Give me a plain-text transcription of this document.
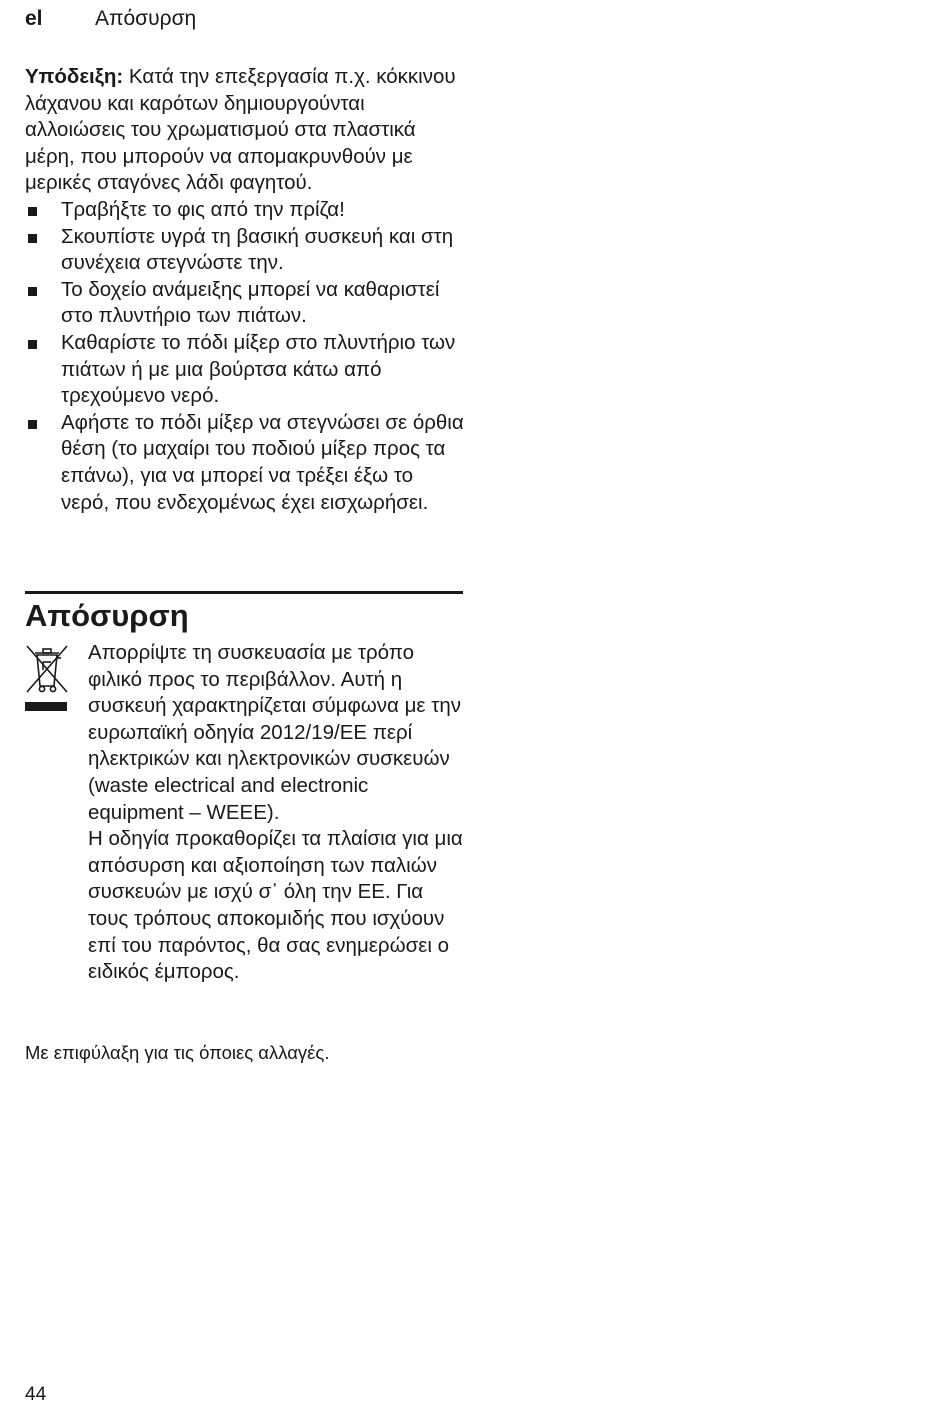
el Απόσυρση

Υπόδειξη: Κατά την επεξεργασία π.χ. κόκκινου λάχανου και καρότων δημιουργούνται αλλοιώσεις του χρωματισμού στα πλαστικά μέρη, που μπορούν να απομακρυνθούν με μερικές σταγόνες λάδι φαγητού.

Τραβήξτε το φις από την πρίζα!
Σκουπίστε υγρά τη βασική συσκευή και στη συνέχεια στεγνώστε την.
Το δοχείο ανάμειξης μπορεί να καθαριστεί στο πλυντήριο των πιάτων.
Καθαρίστε το πόδι μίξερ στο πλυντήριο των πιάτων ή με μια βούρτσα κάτω από τρεχούμενο νερό.
Αφήστε το πόδι μίξερ να στεγνώσει σε όρθια θέση (το μαχαίρι του ποδιού μίξερ προς τα επάνω), για να μπορεί να τρέξει έξω το νερό, που ενδεχομένως έχει εισχωρήσει.
Απόσυρση

Απορρίψτε τη συσκευασία με τρόπο φιλικό προς το περιβάλλον. Αυτή η συσκευή χαρακτηρίζεται σύμφωνα με την ευρωπαϊκή οδηγία 2012/19/ΕΕ περί ηλεκτρικών και ηλεκτρονικών συσκευών (waste electrical and electronic equipment – WEEE).

Η οδηγία προκαθορίζει τα πλαίσια για μια απόσυρση και αξιοποίηση των παλιών συσκευών με ισχύ σ᾽ όλη την ΕΕ. Για τους τρόπους αποκομιδής που ισχύουν επί του παρόντος, θα σας ενημερώσει ο ειδικός έμπορος.

Με επιφύλαξη για τις όποιες αλλαγές.
44
